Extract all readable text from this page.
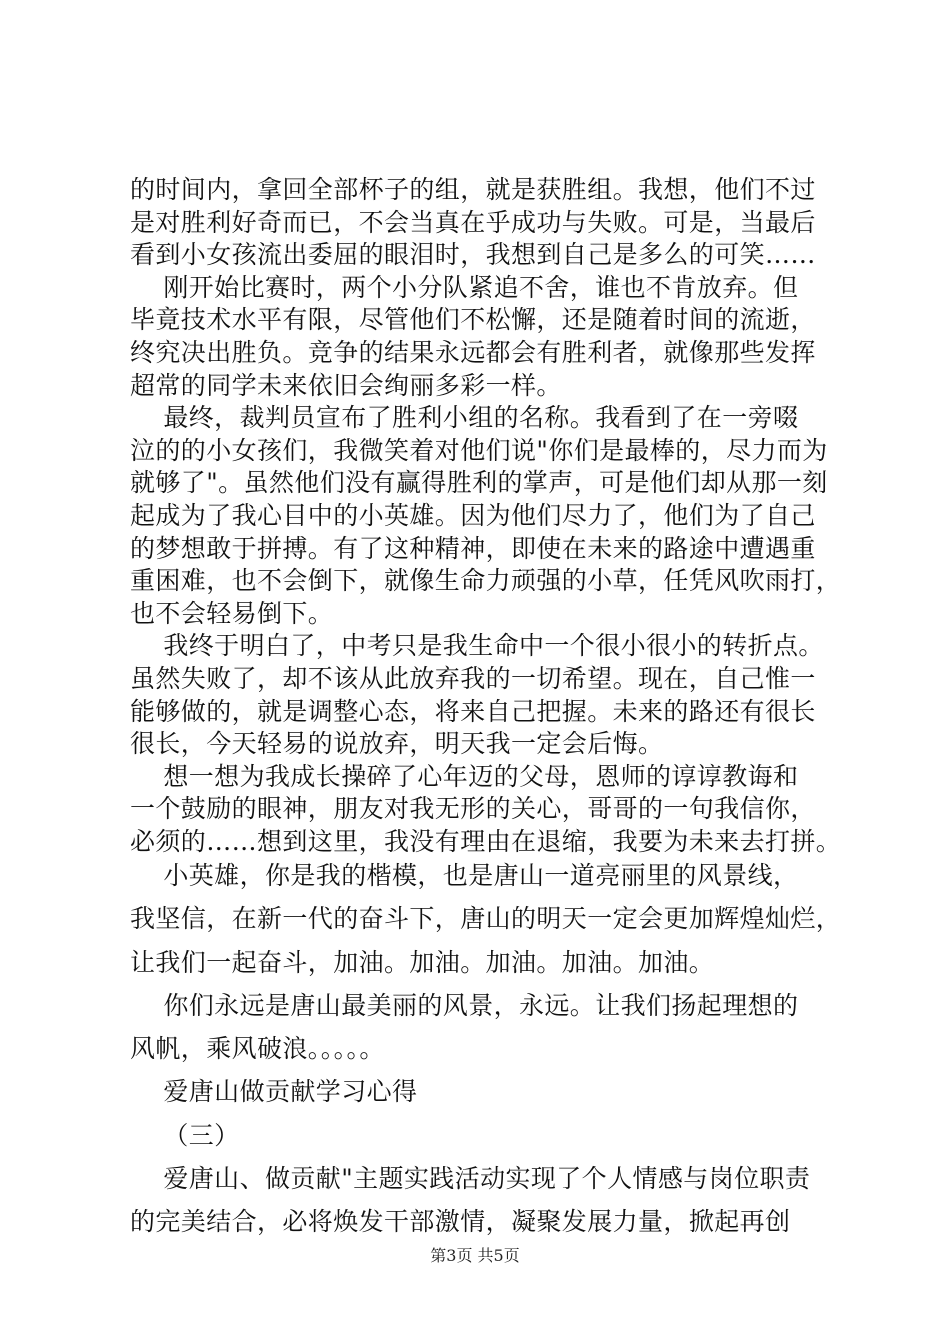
的时间内，拿回全部杯子的组，就是获胜组。我想，他们不过
是对胜利好奇而已，不会当真在乎成功与失败。可是，当最后
看到小女孩流出委屈的眼泪时，我想到自己是多么的可笑……
刚开始比赛时，两个小分队紧追不舍，谁也不肯放弃。但
毕竟技术水平有限，尽管他们不松懈，还是随着时间的流逝，
终究决出胜负。竞争的结果永远都会有胜利者，就像那些发挥
超常的同学未来依旧会绚丽多彩一样。
最终，裁判员宣布了胜利小组的名称。我看到了在一旁啜
泣的的小女孩们，我微笑着对他们说"你们是最棒的，尽力而为
就够了"。虽然他们没有赢得胜利的掌声，可是他们却从那一刻
起成为了我心目中的小英雄。因为他们尽力了，他们为了自己
的梦想敢于拼搏。有了这种精神，即使在未来的路途中遭遇重
重困难，也不会倒下，就像生命力顽强的小草，任凭风吹雨打，
也不会轻易倒下。
我终于明白了，中考只是我生命中一个很小很小的转折点。
虽然失败了，却不该从此放弃我的一切希望。现在，自己惟一
能够做的，就是调整心态，将来自己把握。未来的路还有很长
很长，今天轻易的说放弃，明天我一定会后悔。
想一想为我成长操碎了心年迈的父母，恩师的谆谆教诲和
一个鼓励的眼神，朋友对我无形的关心，哥哥的一句我信你，
必须的……想到这里，我没有理由在退缩，我要为未来去打拼。
小英雄，你是我的楷模，也是唐山一道亮丽里的风景线，
我坚信，在新一代的奋斗下，唐山的明天一定会更加辉煌灿烂，
让我们一起奋斗，加油。加油。加油。加油。加油。
你们永远是唐山最美丽的风景，永远。让我们扬起理想的
风帆，乘风破浪。。。。。
爱唐山做贡献学习心得
（三）
爱唐山、做贡献"主题实践活动实现了个人情感与岗位职责
的完美结合，必将焕发干部激情，凝聚发展力量，掀起再创
第3页 共5页
